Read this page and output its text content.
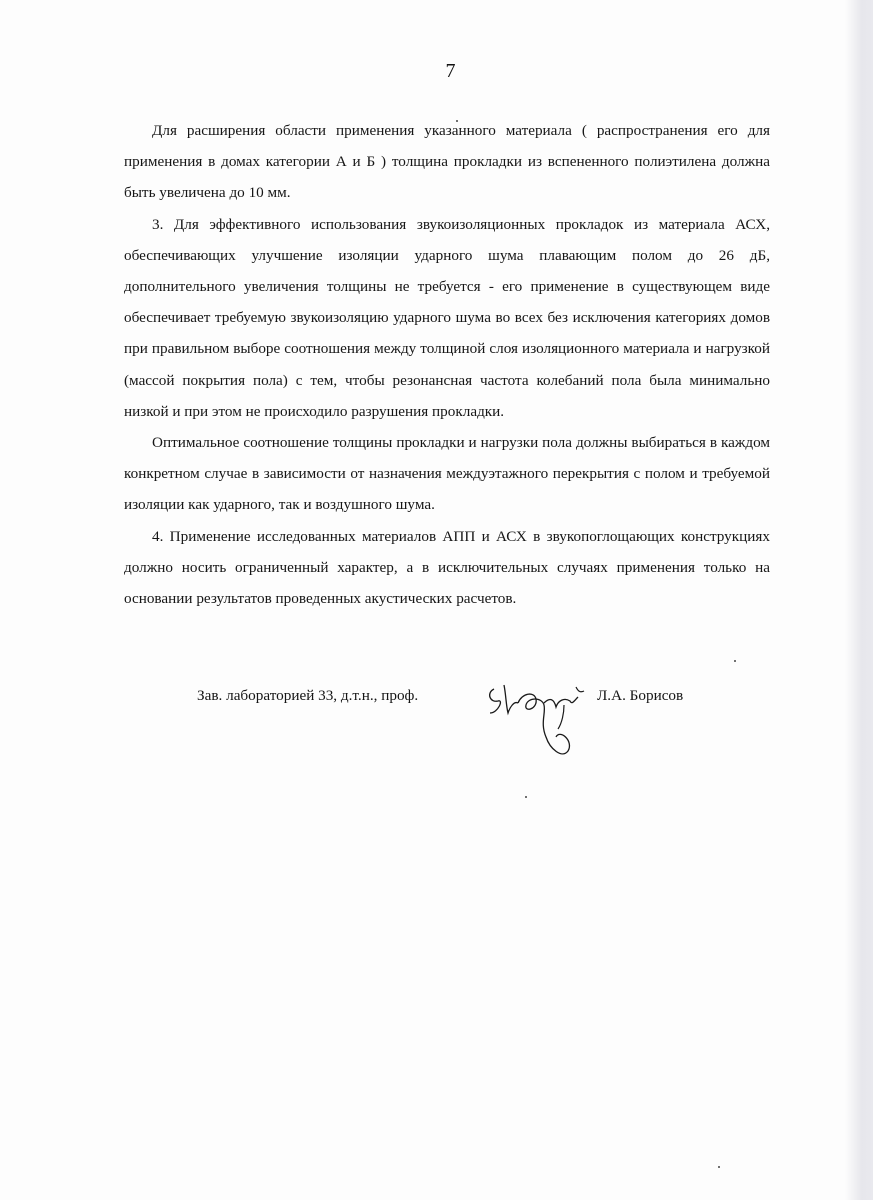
7

Для расширения области применения указанного материала ( распространения его для применения в домах категории А и Б ) толщина прокладки из вспененного полиэтилена должна быть увеличена до 10 мм.

3. Для эффективного использования звукоизоляционных прокладок из материала АСХ, обеспечивающих улучшение изоляции ударного шума плавающим полом до 26 дБ, дополнительного увеличения толщины не требуется - его применение в существующем виде обеспечивает требуемую звукоизоляцию ударного шума во всех без исключения категориях домов при правильном выборе соотношения между толщиной слоя изоляционного материала и нагрузкой (массой покрытия пола) с тем, чтобы резонансная частота колебаний пола была минимально низкой и при этом не происходило разрушения прокладки.

Оптимальное соотношение толщины прокладки и нагрузки пола должны выбираться в каждом конкретном случае в зависимости от назначения междуэтажного перекрытия с полом и требуемой изоляции как ударного, так и воздушного шума.

4. Применение исследованных материалов АПП и АСХ в звукопоглощающих конструкциях должно носить ограниченный характер, а в исключительных случаях применения только на основании результатов проведенных акустических расчетов.

Зав. лабораторией 33, д.т.н., проф.	Л.А. Борисов
